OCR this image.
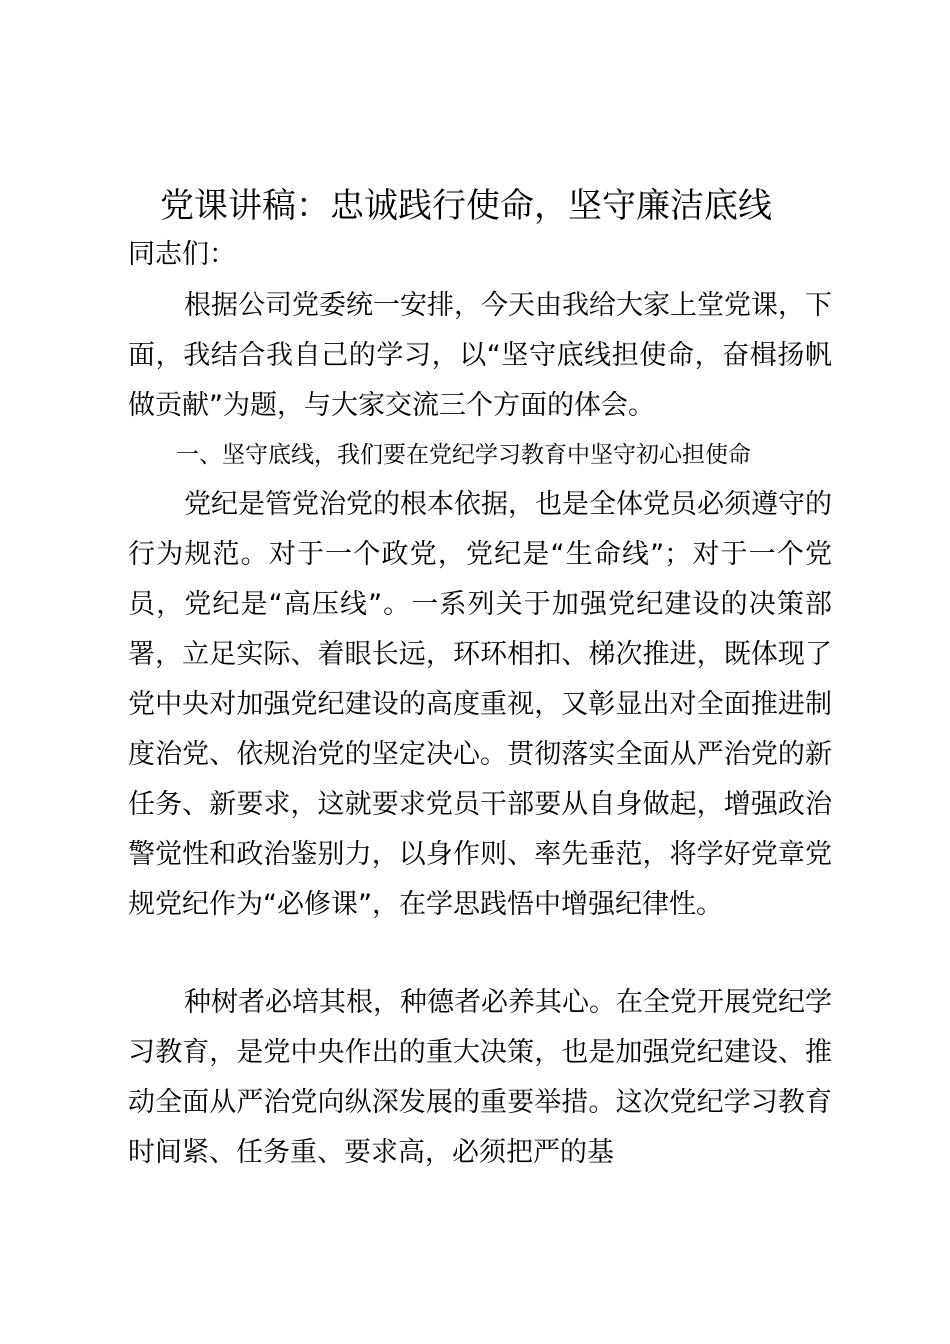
党课讲稿：忠诚践行使命，坚守廉洁底线

同志们：

根据公司党委统一安排，今天由我给大家上堂党课，下面，我结合我自己的学习，以“坚守底线担使命，奋楫扬帆做贡献”为题，与大家交流三个方面的体会。

一、坚守底线，我们要在党纪学习教育中坚守初心担使命

党纪是管党治党的根本依据，也是全体党员必须遵守的行为规范。对于一个政党，党纪是“生命线”；对于一个党员，党纪是“高压线”。一系列关于加强党纪建设的决策部署，立足实际、着眼长远，环环相扣、梯次推进，既体现了党中央对加强党纪建设的高度重视，又彰显出对全面推进制度治党、依规治党的坚定决心。贯彻落实全面从严治党的新任务、新要求，这就要求党员干部要从自身做起，增强政治警觉性和政治鉴别力，以身作则、率先垂范，将学好党章党规党纪作为“必修课”，在学思践悟中增强纪律性。

种树者必培其根，种德者必养其心。在全党开展党纪学习教育，是党中央作出的重大决策，也是加强党纪建设、推动全面从严治党向纵深发展的重要举措。这次党纪学习教育时间紧、任务重、要求高，必须把严的基
